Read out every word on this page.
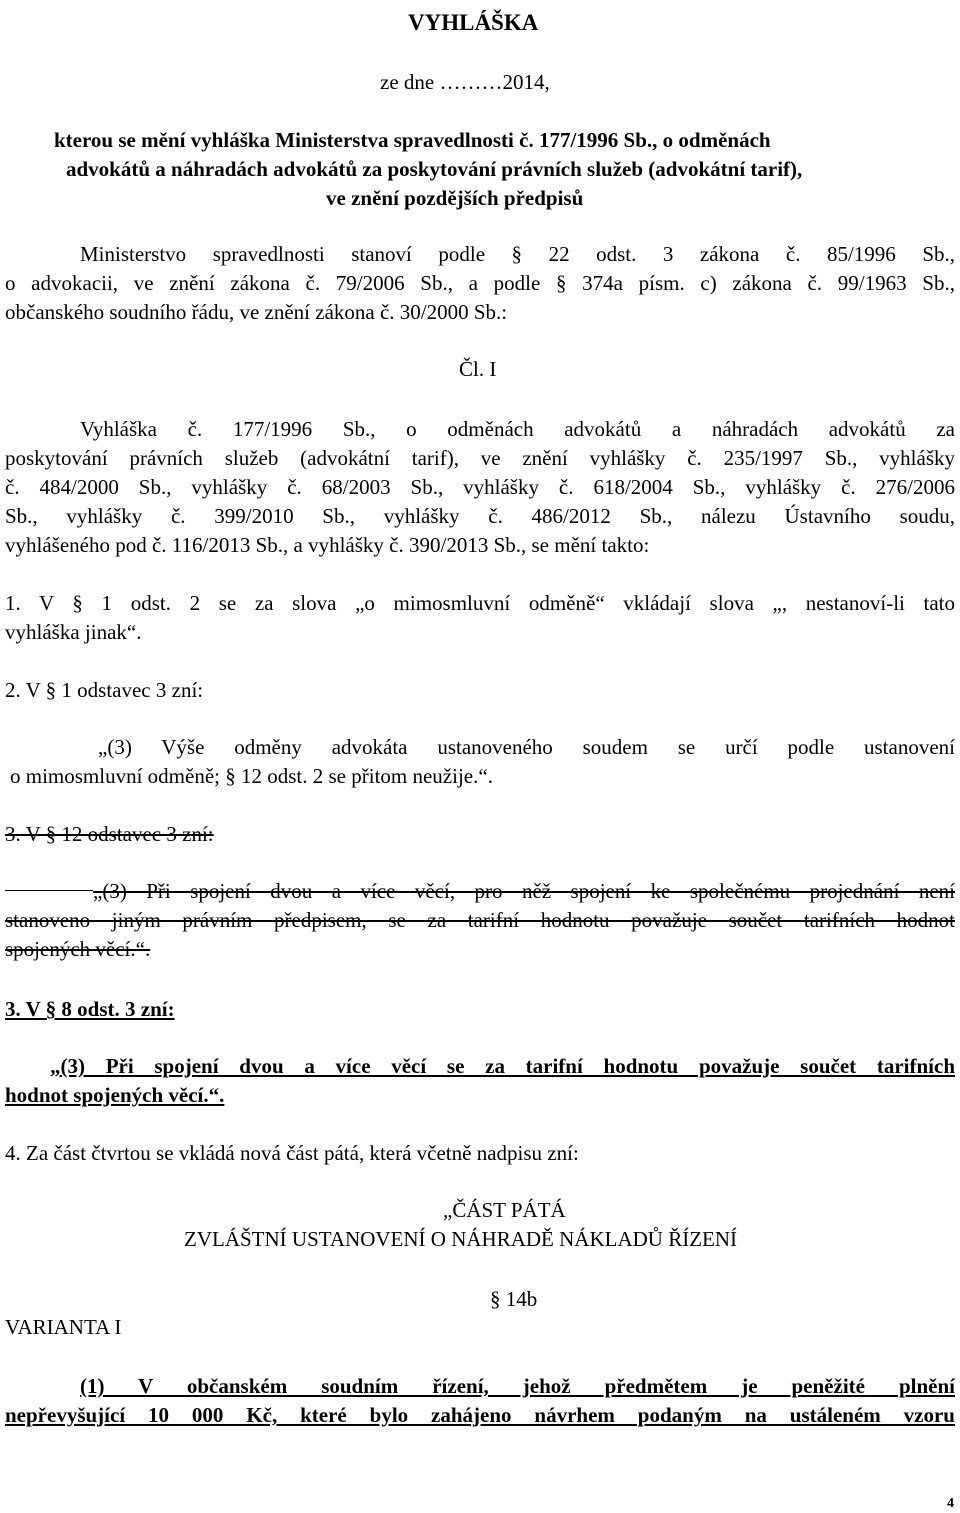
VYHLÁŠKA
ze dne ………2014,
kterou se mění vyhláška Ministerstva spravedlnosti č. 177/1996 Sb., o odměnách
advokátů a náhradách advokátů za poskytování právních služeb (advokátní tarif),
ve znění pozdějších předpisů
Ministerstvo spravedlnosti stanoví podle § 22 odst. 3 zákona č. 85/1996 Sb.,
o advokacii, ve znění zákona č. 79/2006 Sb., a podle § 374a písm. c) zákona č. 99/1963 Sb.,
občanského soudního řádu, ve znění zákona č. 30/2000 Sb.:
Čl. I
Vyhláška č. 177/1996 Sb., o odměnách advokátů a náhradách advokátů za
poskytování právních služeb (advokátní tarif), ve znění vyhlášky č. 235/1997 Sb., vyhlášky
č. 484/2000 Sb., vyhlášky č. 68/2003 Sb., vyhlášky č. 618/2004 Sb., vyhlášky č. 276/2006
Sb., vyhlášky č. 399/2010 Sb., vyhlášky č. 486/2012 Sb., nálezu Ústavního soudu,
vyhlášeného pod č. 116/2013 Sb., a vyhlášky č. 390/2013 Sb., se mění takto:
1. V § 1 odst. 2 se za slova „o mimosmluvní odměně“ vkládají slova „, nestanoví-li tato
vyhláška jinak“.
2. V § 1 odstavec 3 zní:
„(3) Výše odměny advokáta ustanoveného soudem se určí podle ustanovení
o mimosmluvní odměně; § 12 odst. 2 se přitom neužije.“.
3. V § 12 odstavec 3 zní:
„(3) Při spojení dvou a více věcí, pro něž spojení ke společnému projednání není
stanoveno jiným právním předpisem, se za tarifní hodnotu považuje součet tarifních hodnot
spojených věcí.“.
3. V § 8 odst. 3 zní:
„(3) Při spojení dvou a více věcí se za tarifní hodnotu považuje součet tarifních
hodnot spojených věcí.“.
4. Za část čtvrtou se vkládá nová část pátá, která včetně nadpisu zní:
„ČÁST PÁTÁ
ZVLÁŠTNÍ USTANOVENÍ O NÁHRADĚ NÁKLADŮ ŘÍZENÍ
§ 14b
VARIANTA I
(1) V občanském soudním řízení, jehož předmětem je peněžité plnění
nepřevyšující 10 000 Kč, které bylo zahájeno návrhem podaným na ustáleném vzoru
4
